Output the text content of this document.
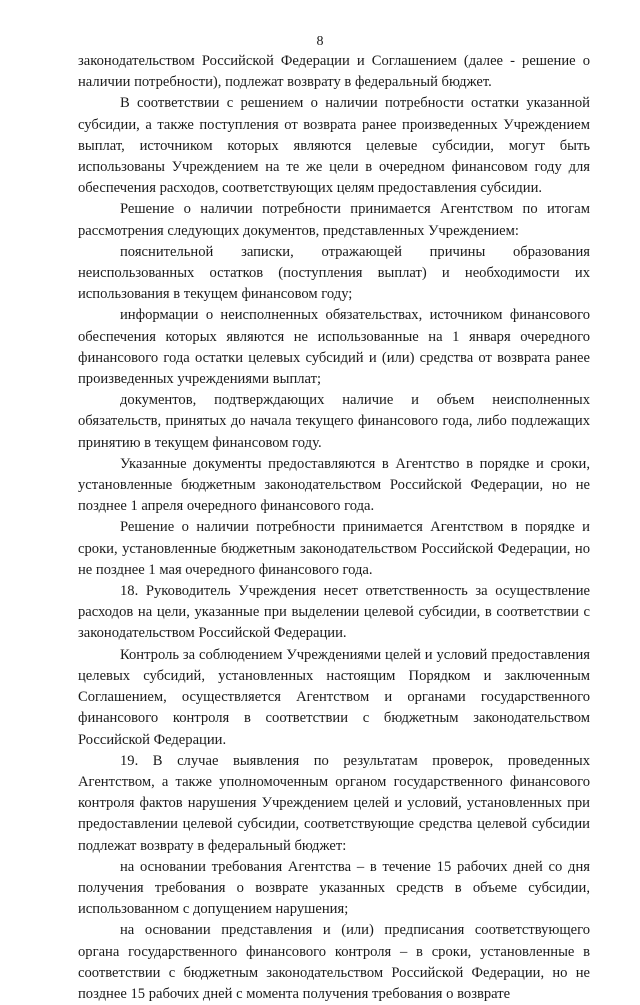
8

законодательством Российской Федерации и Соглашением (далее - решение о наличии потребности), подлежат возврату в федеральный бюджет.

В соответствии с решением о наличии потребности остатки указанной субсидии, а также поступления от возврата ранее произведенных Учреждением выплат, источником которых являются целевые субсидии, могут быть использованы Учреждением на те же цели в очередном финансовом году для обеспечения расходов, соответствующих целям предоставления субсидии.

Решение о наличии потребности принимается Агентством по итогам рассмотрения следующих документов, представленных Учреждением:

пояснительной записки, отражающей причины образования неиспользованных остатков (поступления выплат) и необходимости их использования в текущем финансовом году;

информации о неисполненных обязательствах, источником финансового обеспечения которых являются не использованные на 1 января очередного финансового года остатки целевых субсидий и (или) средства от возврата ранее произведенных учреждениями выплат;

документов, подтверждающих наличие и объем неисполненных обязательств, принятых до начала текущего финансового года, либо подлежащих принятию в текущем финансовом году.

Указанные документы предоставляются в Агентство в порядке и сроки, установленные бюджетным законодательством Российской Федерации, но не позднее 1 апреля очередного финансового года.

Решение о наличии потребности принимается Агентством в порядке и сроки, установленные бюджетным законодательством Российской Федерации, но не позднее 1 мая очередного финансового года.

18. Руководитель Учреждения несет ответственность за осуществление расходов на цели, указанные при выделении целевой субсидии, в соответствии с законодательством Российской Федерации.

Контроль за соблюдением Учреждениями целей и условий предоставления целевых субсидий, установленных настоящим Порядком и заключенным Соглашением, осуществляется Агентством и органами государственного финансового контроля в соответствии с бюджетным законодательством Российской Федерации.

19. В случае выявления по результатам проверок, проведенных Агентством, а также уполномоченным органом государственного финансового контроля фактов нарушения Учреждением целей и условий, установленных при предоставлении целевой субсидии, соответствующие средства целевой субсидии подлежат возврату в федеральный бюджет:

на основании требования Агентства – в течение 15 рабочих дней со дня получения требования о возврате указанных средств в объеме субсидии, использованном с допущением нарушения;

на основании представления и (или) предписания соответствующего органа государственного финансового контроля – в сроки, установленные в соответствии с бюджетным законодательством Российской Федерации, но не позднее 15 рабочих дней с момента получения требования о возврате
